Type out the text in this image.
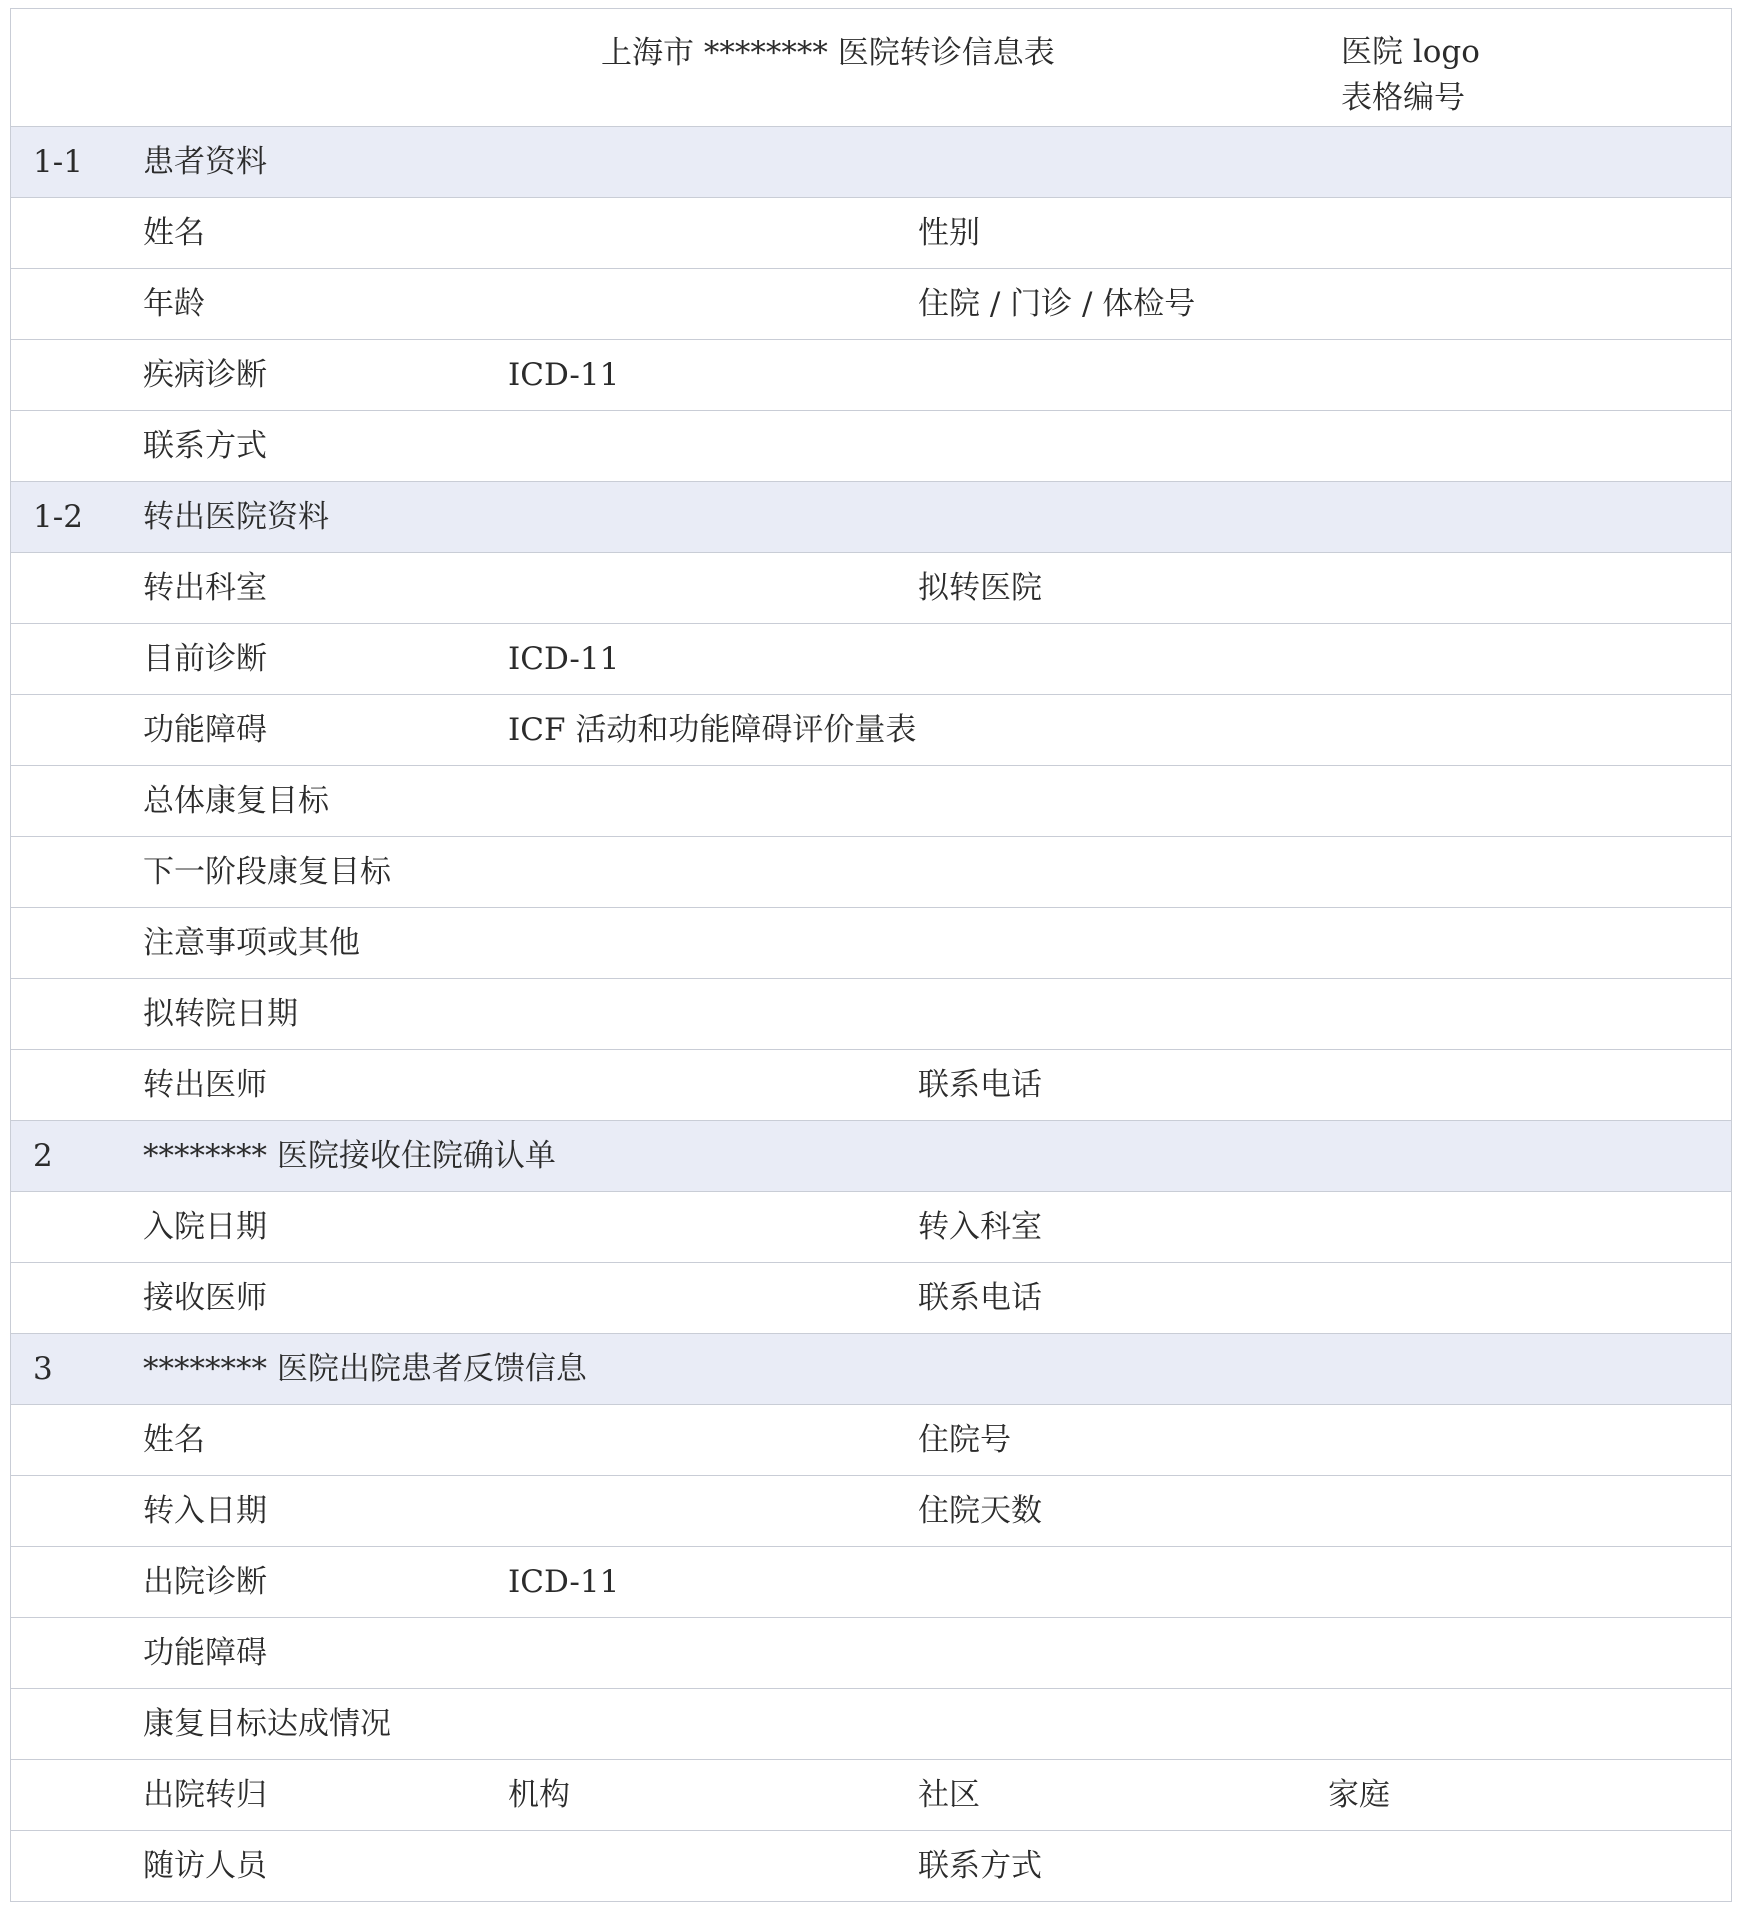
上海市 ******** 医院转诊信息表	医院 logo
表格编号
1-1 患者资料
姓名	性别
年龄	住院 / 门诊 / 体检号
疾病诊断	ICD-11
联系方式
1-2 转出医院资料
转出科室	拟转医院
目前诊断	ICD-11
功能障碍	ICF 活动和功能障碍评价量表
总体康复目标
下一阶段康复目标
注意事项或其他
拟转院日期
转出医师	联系电话
2	******** 医院接收住院确认单
入院日期	转入科室
接收医师	联系电话
3	******** 医院出院患者反馈信息
姓名	住院号
转入日期	住院天数
出院诊断	ICD-11
功能障碍
康复目标达成情况
出院转归	机构	社区	家庭
随访人员	联系方式
